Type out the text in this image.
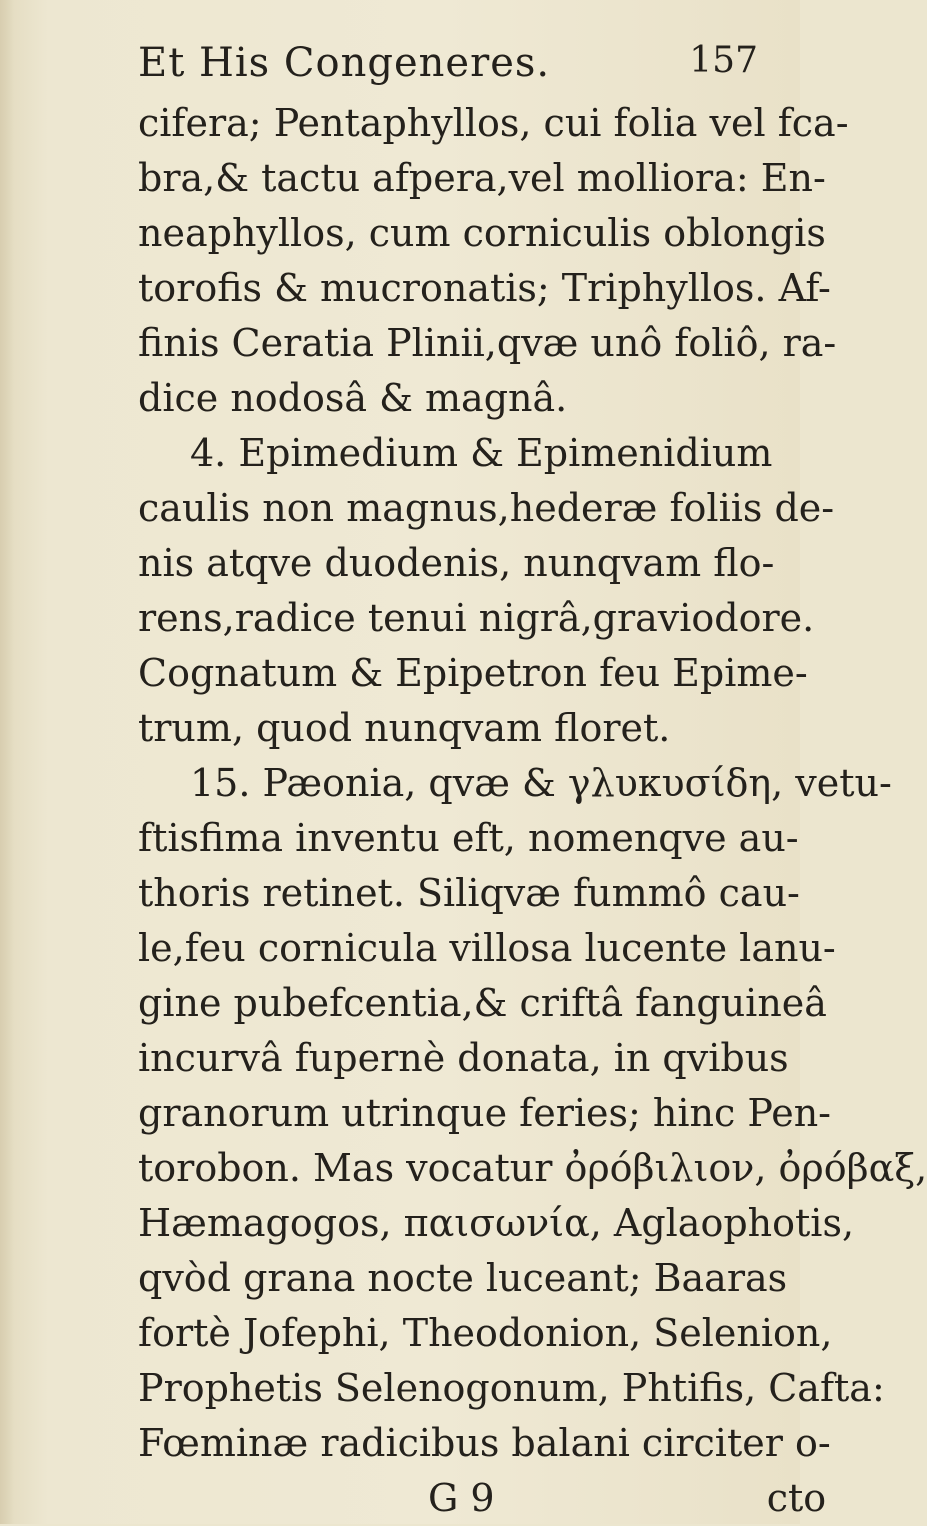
Et His Congeneres.	157
cifera; Pentaphyllos, cui folia vel fca-
bra,& tactu afpera,vel molliora: En-
neaphyllos, cum corniculis oblongis
torofis & mucronatis; Triphyllos. Af-
finis Ceratia Plinii,qvæ unô foliô, ra-
dice nodosâ & magnâ.
4. Epimedium & Epimenidium
caulis non magnus,hederæ foliis de-
nis atqve duodenis, nunqvam flo-
rens,radice tenui nigrâ,graviodore.
Cognatum & Epipetron feu Epime-
trum, quod nunqvam floret.
15. Pæonia, qvæ & γλυκυσίδη, vetu-
ftisfima inventu eft, nomenqve au-
thoris retinet. Siliqvæ fummô cau-
le,feu cornicula villosa lucente lanu-
gine pubefcentia,& criftâ fanguineâ
incurvâ fupernè donata, in qvibus
granorum utrinque feries; hinc Pen-
torobon. Mas vocatur ὀρόβιλιον, ὀρόβαξ,
Hæmagogos, παισωνία, Aglaophotis,
qvòd grana nocte luceant; Baaras
fortè Jofephi, Theodonion, Selenion,
Prophetis Selenogonum, Phtifis, Cafta:
Fœminæ radicibus balani circiter o-
G 9	cto
